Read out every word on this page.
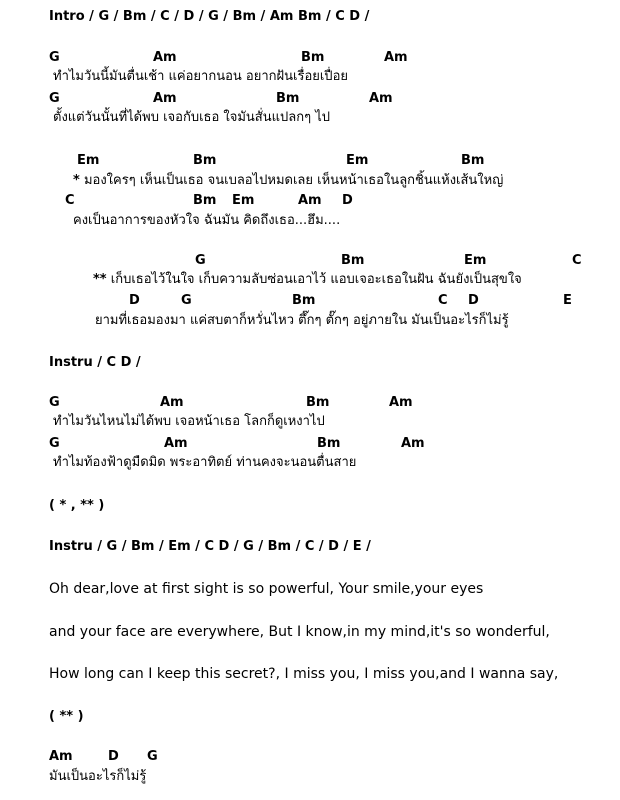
Intro / G / Bm / C / D / G / Bm / Am Bm / C D /
G	Am	Bm	Am
ทำไมวันนี้มันตื่นเช้า แค่อยากนอน อยากฝันเรื่อยเปื่อย
G	Am	Bm	Am
ตั้งแต่วันนั้นที่ได้พบ เจอกับเธอ ใจมันสั่นแปลกๆ ไป
Em	Bm	Em	Bm
* มองใครๆ เห็นเป็นเธอ จนเบลอไปหมดเลย เห็นหน้าเธอในลูกชิ้นแห้งเส้นใหญ่
C	Bm Em	Am D
คงเป็นอาการของหัวใจ ฉันมัน คิดถึงเธอ...ฮึม....
G	Bm	Em	C
** เก็บเธอไว้ในใจ เก็บความลับซ่อนเอาไว้ แอบเจอะเธอในฝัน ฉันยังเป็นสุขใจ
D	G	Bm	C D	E
ยามที่เธอมองมา แค่สบตาก็หวั่นไหว ตึ๊กๆ ตั๊กๆ อยู่ภายใน มันเป็นอะไรก็ไม่รู้
Instru / C D /
G	Am	Bm	Am
ทำไมวันไหนไม่ได้พบ เจอหน้าเธอ โลกก็ดูเหงาไป
G	Am	Bm	Am
ทำไมท้องฟ้าดูมืดมิด พระอาทิตย์ ท่านคงจะนอนตื่นสาย
( * , ** )
Instru / G / Bm / Em / C D / G / Bm / C / D / E /
Oh dear,love at first sight is so powerful, Your smile,your eyes
and your face are everywhere, But I know,in my mind,it's so wonderful,
How long can I keep this secret?, I miss you, I miss you,and I wanna say,
( ** )
Am	D G
มันเป็นอะไรก็ไม่รู้
